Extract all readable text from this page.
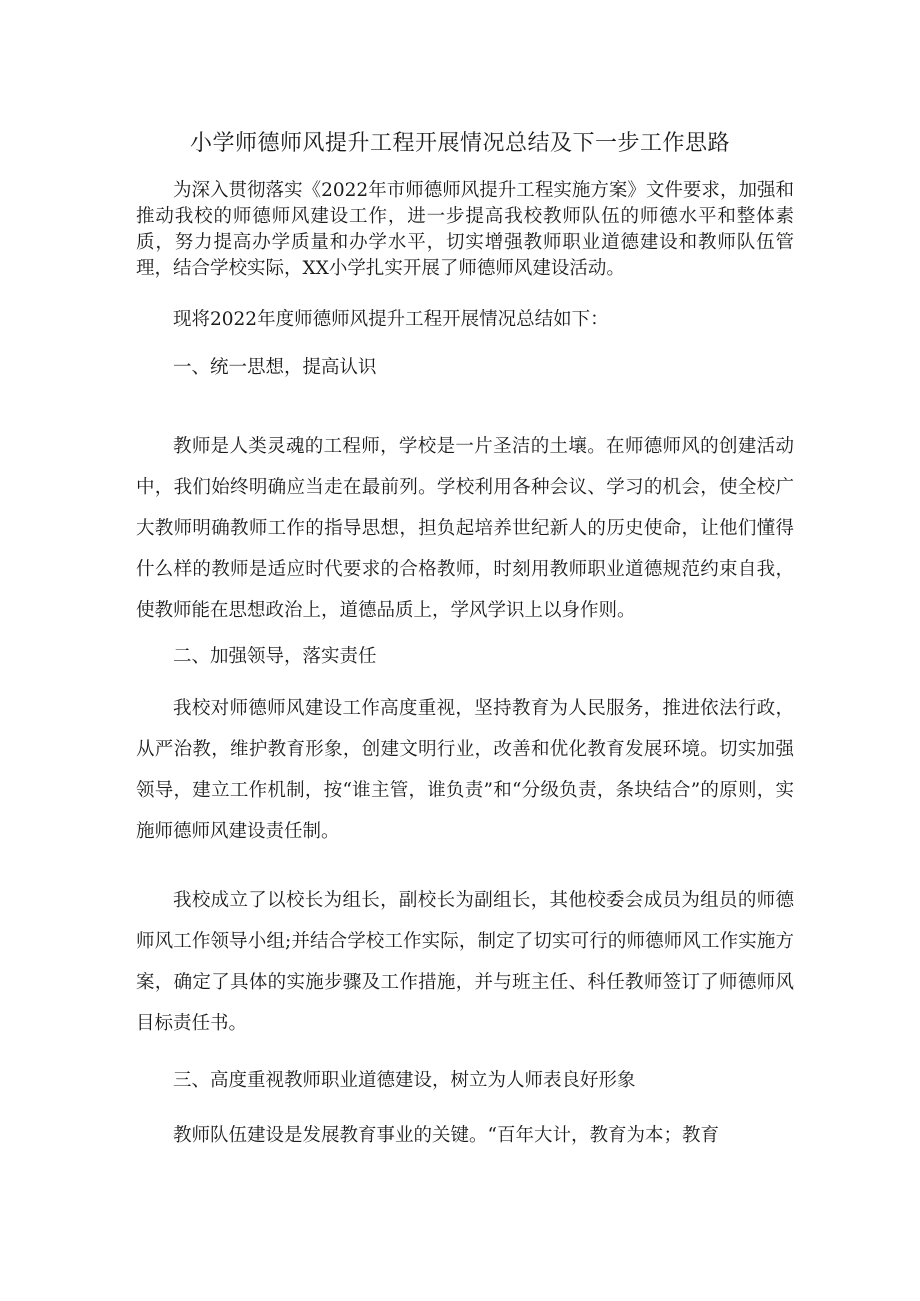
小学师德师风提升工程开展情况总结及下一步工作思路

为深入贯彻落实《2022年市师德师风提升工程实施方案》文件要求，加强和推动我校的师德师风建设工作，进一步提高我校教师队伍的师德水平和整体素质，努力提高办学质量和办学水平，切实增强教师职业道德建设和教师队伍管理，结合学校实际，XX小学扎实开展了师德师风建设活动。

现将2022年度师德师风提升工程开展情况总结如下：

一、统一思想，提高认识

教师是人类灵魂的工程师，学校是一片圣洁的土壤。在师德师风的创建活动中，我们始终明确应当走在最前列。学校利用各种会议、学习的机会，使全校广大教师明确教师工作的指导思想，担负起培养世纪新人的历史使命，让他们懂得什么样的教师是适应时代要求的合格教师，时刻用教师职业道德规范约束自我，使教师能在思想政治上，道德品质上，学风学识上以身作则。

二、加强领导，落实责任

我校对师德师风建设工作高度重视，坚持教育为人民服务，推进依法行政，从严治教，维护教育形象，创建文明行业，改善和优化教育发展环境。切实加强领导，建立工作机制，按“谁主管，谁负责”和“分级负责，条块结合”的原则，实施师德师风建设责任制。

我校成立了以校长为组长，副校长为副组长，其他校委会成员为组员的师德师风工作领导小组;并结合学校工作实际，制定了切实可行的师德师风工作实施方案，确定了具体的实施步骤及工作措施，并与班主任、科任教师签订了师德师风目标责任书。

三、高度重视教师职业道德建设，树立为人师表良好形象

教师队伍建设是发展教育事业的关键。“百年大计，教育为本；教育
